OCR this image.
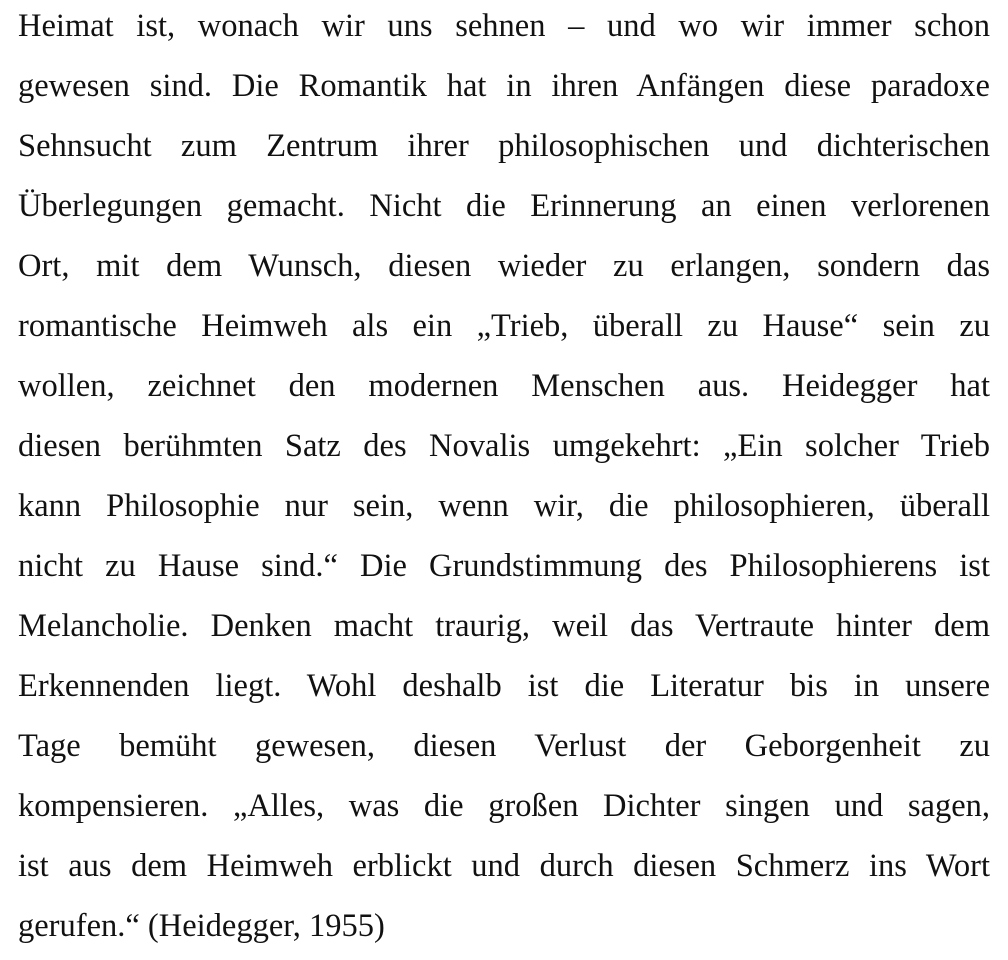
Heimat ist, wonach wir uns sehnen – und wo wir immer schon
gewesen sind. Die Romantik hat in ihren Anfängen diese paradoxe
Sehnsucht zum Zentrum ihrer philosophischen und dichterischen
Überlegungen gemacht. Nicht die Erinnerung an einen verlorenen
Ort, mit dem Wunsch, diesen wieder zu erlangen, sondern das
romantische Heimweh als ein „Trieb, überall zu Hause“ sein zu
wollen, zeichnet den modernen Menschen aus. Heidegger hat
diesen berühmten Satz des Novalis umgekehrt: „Ein solcher Trieb
kann Philosophie nur sein, wenn wir, die philosophieren, überall
nicht zu Hause sind.“ Die Grundstimmung des Philosophierens ist
Melancholie. Denken macht traurig, weil das Vertraute hinter dem
Erkennenden liegt. Wohl deshalb ist die Literatur bis in unsere
Tage bemüht gewesen, diesen Verlust der Geborgenheit zu
kompensieren. „Alles, was die großen Dichter singen und sagen,
ist aus dem Heimweh erblickt und durch diesen Schmerz ins Wort
gerufen.“ (Heidegger, 1955)
